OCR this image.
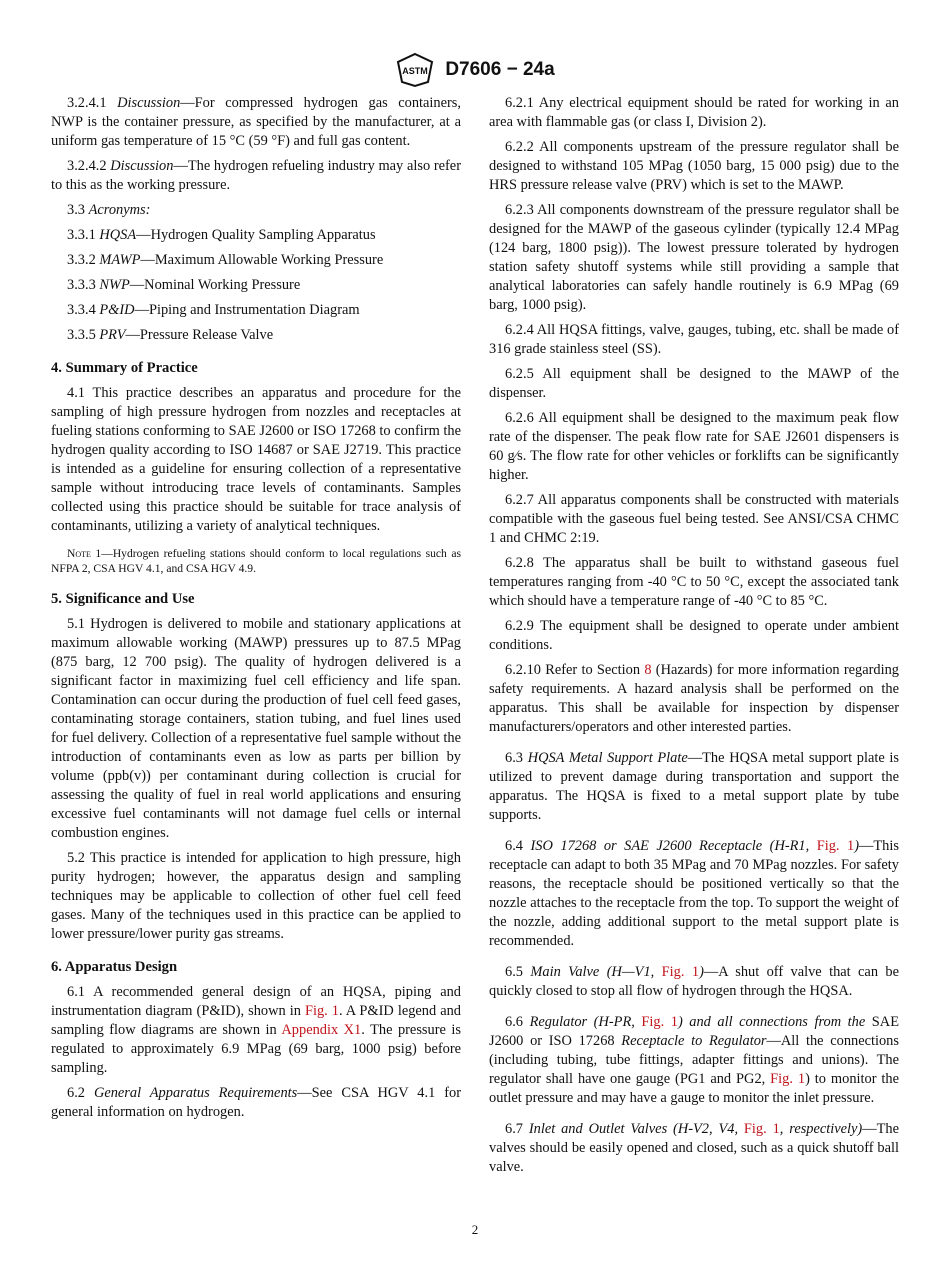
ASTM D7606 − 24a

3.2.4.1 Discussion—For compressed hydrogen gas containers, NWP is the container pressure, as specified by the manufacturer, at a uniform gas temperature of 15 °C (59 °F) and full gas content.

3.2.4.2 Discussion—The hydrogen refueling industry may also refer to this as the working pressure.

3.3 Acronyms:

3.3.1 HQSA—Hydrogen Quality Sampling Apparatus

3.3.2 MAWP—Maximum Allowable Working Pressure

3.3.3 NWP—Nominal Working Pressure

3.3.4 P&ID—Piping and Instrumentation Diagram

3.3.5 PRV—Pressure Release Valve

4. Summary of Practice

4.1 This practice describes an apparatus and procedure for the sampling of high pressure hydrogen from nozzles and receptacles at fueling stations conforming to SAE J2600 or ISO 17268 to confirm the hydrogen quality according to ISO 14687 or SAE J2719. This practice is intended as a guideline for ensuring collection of a representative sample without introducing trace levels of contaminants. Samples collected using this practice should be suitable for trace analysis of contaminants, utilizing a variety of analytical techniques.

Note 1—Hydrogen refueling stations should conform to local regulations such as NFPA 2, CSA HGV 4.1, and CSA HGV 4.9.
5. Significance and Use

5.1 Hydrogen is delivered to mobile and stationary applications at maximum allowable working (MAWP) pressures up to 87.5 MPag (875 barg, 12 700 psig). The quality of hydrogen delivered is a significant factor in maximizing fuel cell efficiency and life span. Contamination can occur during the production of fuel cell feed gases, contaminating storage containers, station tubing, and fuel lines used for fuel delivery. Collection of a representative fuel sample without the introduction of contaminants even as low as parts per billion by volume (ppb(v)) per contaminant during collection is crucial for assessing the quality of fuel in real world applications and ensuring excessive fuel contaminants will not damage fuel cells or internal combustion engines.

5.2 This practice is intended for application to high pressure, high purity hydrogen; however, the apparatus design and sampling techniques may be applicable to collection of other fuel cell feed gases. Many of the techniques used in this practice can be applied to lower pressure/lower purity gas streams.

6. Apparatus Design

6.1 A recommended general design of an HQSA, piping and instrumentation diagram (P&ID), shown in Fig. 1. A P&ID legend and sampling flow diagrams are shown in Appendix X1. The pressure is regulated to approximately 6.9 MPag (69 barg, 1000 psig) before sampling.

6.2 General Apparatus Requirements—See CSA HGV 4.1 for general information on hydrogen.

6.2.1 Any electrical equipment should be rated for working in an area with flammable gas (or class I, Division 2).

6.2.2 All components upstream of the pressure regulator shall be designed to withstand 105 MPag (1050 barg, 15 000 psig) due to the HRS pressure release valve (PRV) which is set to the MAWP.

6.2.3 All components downstream of the pressure regulator shall be designed for the MAWP of the gaseous cylinder (typically 12.4 MPag (124 barg, 1800 psig)). The lowest pressure tolerated by hydrogen station safety shutoff systems while still providing a sample that analytical laboratories can safely handle routinely is 6.9 MPag (69 barg, 1000 psig).

6.2.4 All HQSA fittings, valve, gauges, tubing, etc. shall be made of 316 grade stainless steel (SS).

6.2.5 All equipment shall be designed to the MAWP of the dispenser.

6.2.6 All equipment shall be designed to the maximum peak flow rate of the dispenser. The peak flow rate for SAE J2601 dispensers is 60 g⁄s. The flow rate for other vehicles or forklifts can be significantly higher.

6.2.7 All apparatus components shall be constructed with materials compatible with the gaseous fuel being tested. See ANSI/CSA CHMC 1 and CHMC 2:19.

6.2.8 The apparatus shall be built to withstand gaseous fuel temperatures ranging from -40 °C to 50 °C, except the associated tank which should have a temperature range of -40 °C to 85 °C.

6.2.9 The equipment shall be designed to operate under ambient conditions.

6.2.10 Refer to Section 8 (Hazards) for more information regarding safety requirements. A hazard analysis shall be performed on the apparatus. This shall be available for inspection by dispenser manufacturers/operators and other interested parties.

6.3 HQSA Metal Support Plate—The HQSA metal support plate is utilized to prevent damage during transportation and support the apparatus. The HQSA is fixed to a metal support plate by tube supports.

6.4 ISO 17268 or SAE J2600 Receptacle (H-R1, Fig. 1)—This receptacle can adapt to both 35 MPag and 70 MPag nozzles. For safety reasons, the receptacle should be positioned vertically so that the nozzle attaches to the receptacle from the top. To support the weight of the nozzle, adding additional support to the metal support plate is recommended.

6.5 Main Valve (H—V1, Fig. 1)—A shut off valve that can be quickly closed to stop all flow of hydrogen through the HQSA.

6.6 Regulator (H-PR, Fig. 1) and all connections from the SAE J2600 or ISO 17268 Receptacle to Regulator—All the connections (including tubing, tube fittings, adapter fittings and unions). The regulator shall have one gauge (PG1 and PG2, Fig. 1) to monitor the outlet pressure and may have a gauge to monitor the inlet pressure.

6.7 Inlet and Outlet Valves (H-V2, V4, Fig. 1, respectively)—The valves should be easily opened and closed, such as a quick shutoff ball valve.

2
